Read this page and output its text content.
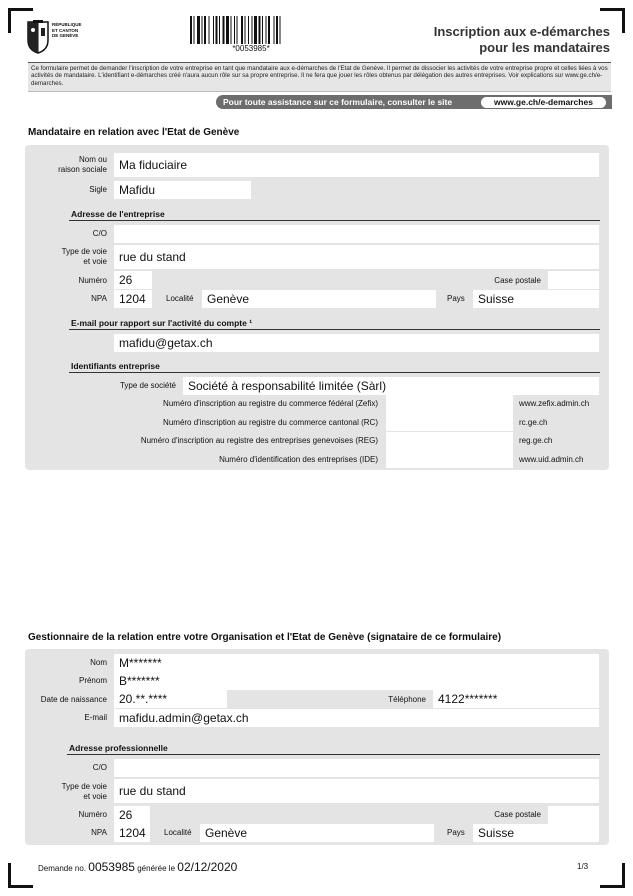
RÉPUBLIQUE
ET CANTON
DE GENÈVE
*0053985*
Inscription aux e-démarches
pour les mandataires
Ce formulaire permet de demander l'inscription de votre entreprise en tant que mandataire aux e-démarches de l'Etat de Genève. Il permet de dissocier les activités de votre entreprise propre et celles liées à vos activités de mandataire. L'identifiant e-démarches créé n'aura aucun rôle sur sa propre entreprise. Il ne fera que jouer les rôles obtenus par délégation des autres entreprises. Voir explications sur www.ge.ch/e-demarches.
Pour toute assistance sur ce formulaire, consulter le site	www.ge.ch/e-demarches
Mandataire en relation avec l'Etat de Genève
Nom ou
raison sociale	Ma fiduciaire
Sigle	Mafidu
Adresse de l'entreprise
C/O
Type de voie
et voie	rue du stand
Numéro	26	Case postale
NPA	1204	Localité	Genève	Pays	Suisse
E-mail pour rapport sur l'activité du compte ¹
mafidu@getax.ch
Identifiants entreprise
Type de société	Société à responsabilité limitée (Sàrl)
Numéro d'inscription au registre du commerce fédéral (Zefix)	www.zefix.admin.ch
Numéro d'inscription au registre du commerce cantonal (RC)	rc.ge.ch
Numéro d'inscription au registre des entreprises genevoises (REG)	reg.ge.ch
Numéro d'identification des entreprises (IDE)	www.uid.admin.ch
Gestionnaire de la relation entre votre Organisation et l'Etat de Genève (signataire de ce formulaire)
Nom	M*******
Prénom	B*******
Date de naissance	20.**.****	Téléphone	4122*******
E-mail	mafidu.admin@getax.ch
Adresse professionnelle
C/O
Type de voie
et voie	rue du stand
Numéro	26	Case postale
NPA	1204	Localité	Genève	Pays	Suisse
Demande no. 0053985 générée le 02/12/2020	1/3
